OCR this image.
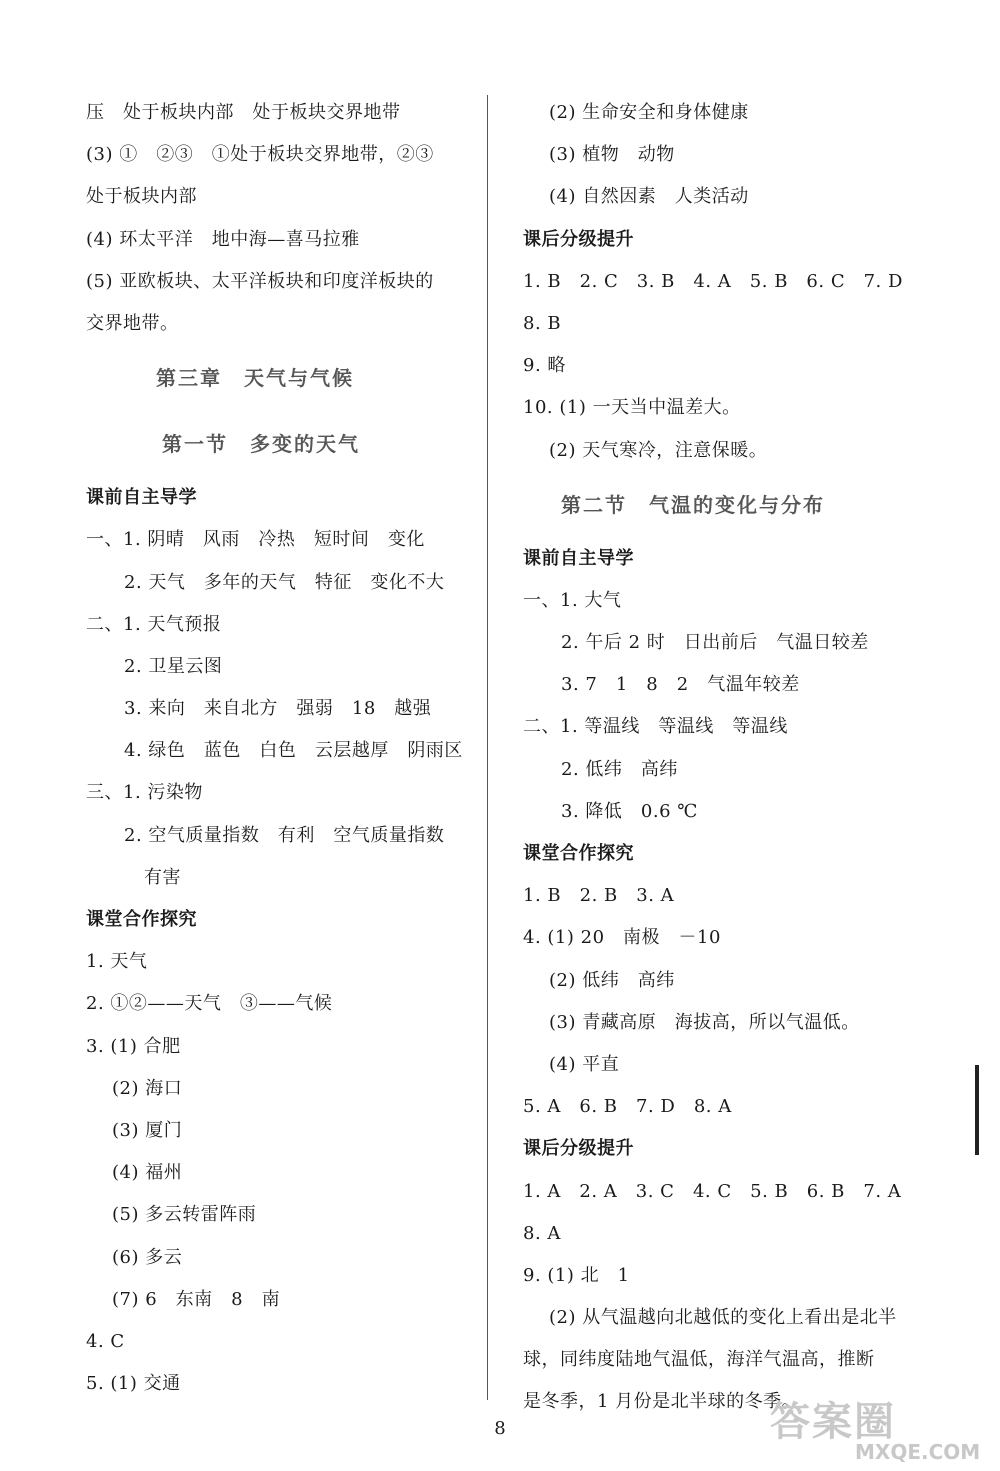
压　处于板块内部　处于板块交界地带
(3) ①　②③　①处于板块交界地带，②③
处于板块内部
(4) 环太平洋　地中海—喜马拉雅
(5) 亚欧板块、太平洋板块和印度洋板块的
交界地带。
第三章　天气与气候
第一节　多变的天气
课前自主导学
一、1. 阴晴　风雨　冷热　短时间　变化
2. 天气　多年的天气　特征　变化不大
二、1. 天气预报
2. 卫星云图
3. 来向　来自北方　强弱　18　越强
4. 绿色　蓝色　白色　云层越厚　阴雨区
三、1. 污染物
2. 空气质量指数　有利　空气质量指数
有害
课堂合作探究
1. 天气
2. ①②——天气　③——气候
3. (1) 合肥
(2) 海口
(3) 厦门
(4) 福州
(5) 多云转雷阵雨
(6) 多云
(7) 6　东南　8　南
4. C
5. (1) 交通
(2) 生命安全和身体健康
(3) 植物　动物
(4) 自然因素　人类活动
课后分级提升
1. B　2. C　3. B　4. A　5. B　6. C　7. D
8. B
9. 略
10. (1) 一天当中温差大。
(2) 天气寒冷，注意保暖。
第二节　气温的变化与分布
课前自主导学
一、1. 大气
2. 午后 2 时　日出前后　气温日较差
3. 7　1　8　2　气温年较差
二、1. 等温线　等温线　等温线
2. 低纬　高纬
3. 降低　0.6 ℃
课堂合作探究
1. B　2. B　3. A
4. (1) 20　南极　－10
(2) 低纬　高纬
(3) 青藏高原　海拔高，所以气温低。
(4) 平直
5. A　6. B　7. D　8. A
课后分级提升
1. A　2. A　3. C　4. C　5. B　6. B　7. A
8. A
9. (1) 北　1
(2) 从气温越向北越低的变化上看出是北半
球，同纬度陆地气温低，海洋气温高，推断
是冬季，1 月份是北半球的冬季。
8	答案圈
MXQE.COM
